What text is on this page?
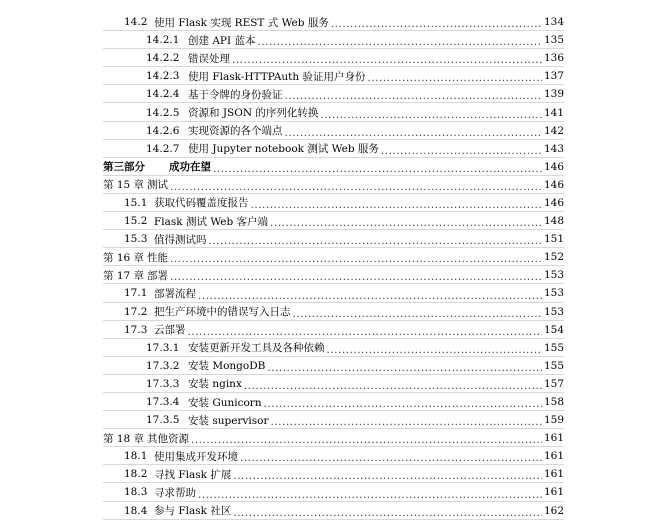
14.2 使用 Flask 实现 REST 式 Web 服务 .....	134
14.2.1 创建 API 蓝本 .....	135
14.2.2 错误处理 .....	136
14.2.3 使用 Flask-HTTPAuth 验证用户身份 .....	137
14.2.4 基于令牌的身份验证 .....	139
14.2.5 资源和 JSON 的序列化转换 .....	141
14.2.6 实现资源的各个端点 .....	142
14.2.7 使用 Jupyter notebook 测试 Web 服务 .....	143
第三部分	成功在望 .....	146
第 15 章 测试 .....	146
15.1 获取代码覆盖度报告 .....	146
15.2 Flask 测试 Web 客户端 .....	148
15.3 值得测试吗 .....	151
第 16 章 性能 .....	152
第 17 章 部署 .....	153
17.1 部署流程 .....	153
17.2 把生产环境中的错误写入日志 .....	153
17.3 云部署 .....	154
17.3.1 安装更新开发工具及各种依赖 .....	155
17.3.2 安装 MongoDB .....	155
17.3.3 安装 nginx .....	157
17.3.4 安装 Gunicorn .....	158
17.3.5 安装 supervisor .....	159
第 18 章 其他资源 .....	161
18.1 使用集成开发环境 .....	161
18.2 寻找 Flask 扩展 .....	161
18.3 寻求帮助 .....	161
18.4 参与 Flask 社区 .....	162
